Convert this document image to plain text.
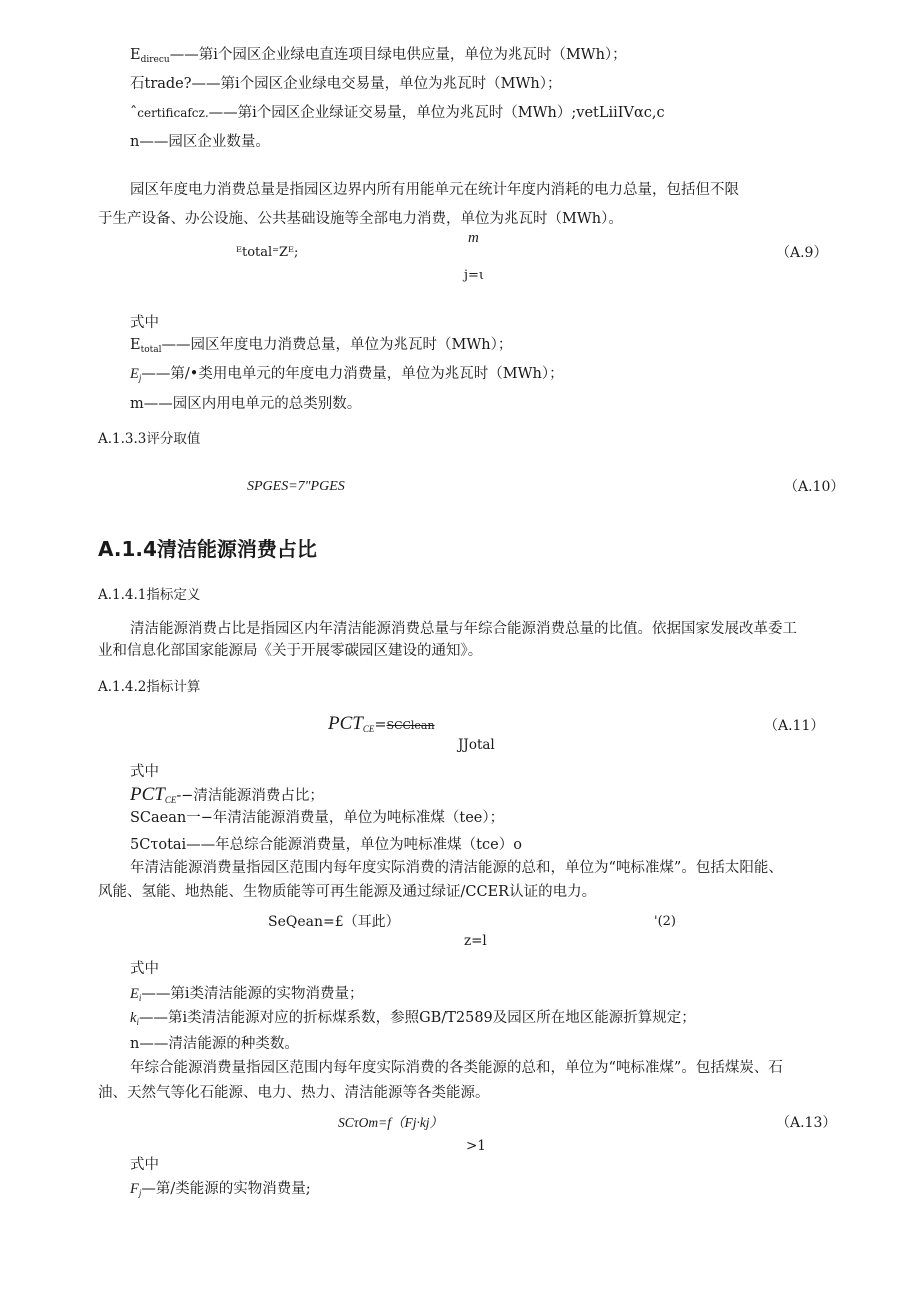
$E_{direcu}——$第i个园区企业绿电直连项目绿电供应量，单位为兆瓦时（MWh）；
石trade?——第i个园区企业绿电交易量，单位为兆瓦时（MWh）；
ˆcertificafcz.——第i个园区企业绿证交易量，单位为兆瓦时（MWh）;vetLiiIVαc,c
n——园区企业数量。
园区年度电力消费总量是指园区边界内所有用能单元在统计年度内消耗的电力总量，包括但不限
于生产设备、办公设施、公共基础设施等全部电力消费，单位为兆瓦时（MWh）。
m
ᴱtotal⁼Zᴱ;	（A.9）
j=ι
式中
$E_{total}——$园区年度电力消费总量，单位为兆瓦时（MWh）；
$E_j——$第/•类用电单元的年度电力消费量，单位为兆瓦时（MWh）；
m——园区内用电单元的总类别数。
A.1.3.3评分取值
SPGES=7"PGES	（A.10）
A.1.4清洁能源消费占比
A.1.4.1指标定义
清洁能源消费占比是指园区内年清洁能源消费总量与年综合能源消费总量的比值。依据国家发展改革委工
业和信息化部国家能源局《关于开展零碳园区建设的通知》。
A.1.4.2指标计算
$PCT_{CE}=SCClean$	（A.11）
JJotal
式中
$PCT_{CE}--$清洁能源消费占比；
SCaean一−年清洁能源消费量，单位为吨标准煤（tee）；
5Cτotai——年总综合能源消费量，单位为吨标准煤（tce）o
年清洁能源消费量指园区范围内每年度实际消费的清洁能源的总和，单位为“吨标准煤”。包括太阳能、
风能、氢能、地热能、生物质能等可再生能源及通过绿证/CCER认证的电力。
SeQean=£（耳此）	'(2)
z=l
式中
$E_i——$第i类清洁能源的实物消费量；
$k_i——$第i类清洁能源对应的折标煤系数，参照GB/T2589及园区所在地区能源折算规定；
n——清洁能源的种类数。
年综合能源消费量指园区范围内每年度实际消费的各类能源的总和，单位为“吨标准煤”。包括煤炭、石
油、天然气等化石能源、电力、热力、清洁能源等各类能源。
SCτOm=f（Fj·kj）	（A.13）
>1
式中
$F_j—$第/类能源的实物消费量;
